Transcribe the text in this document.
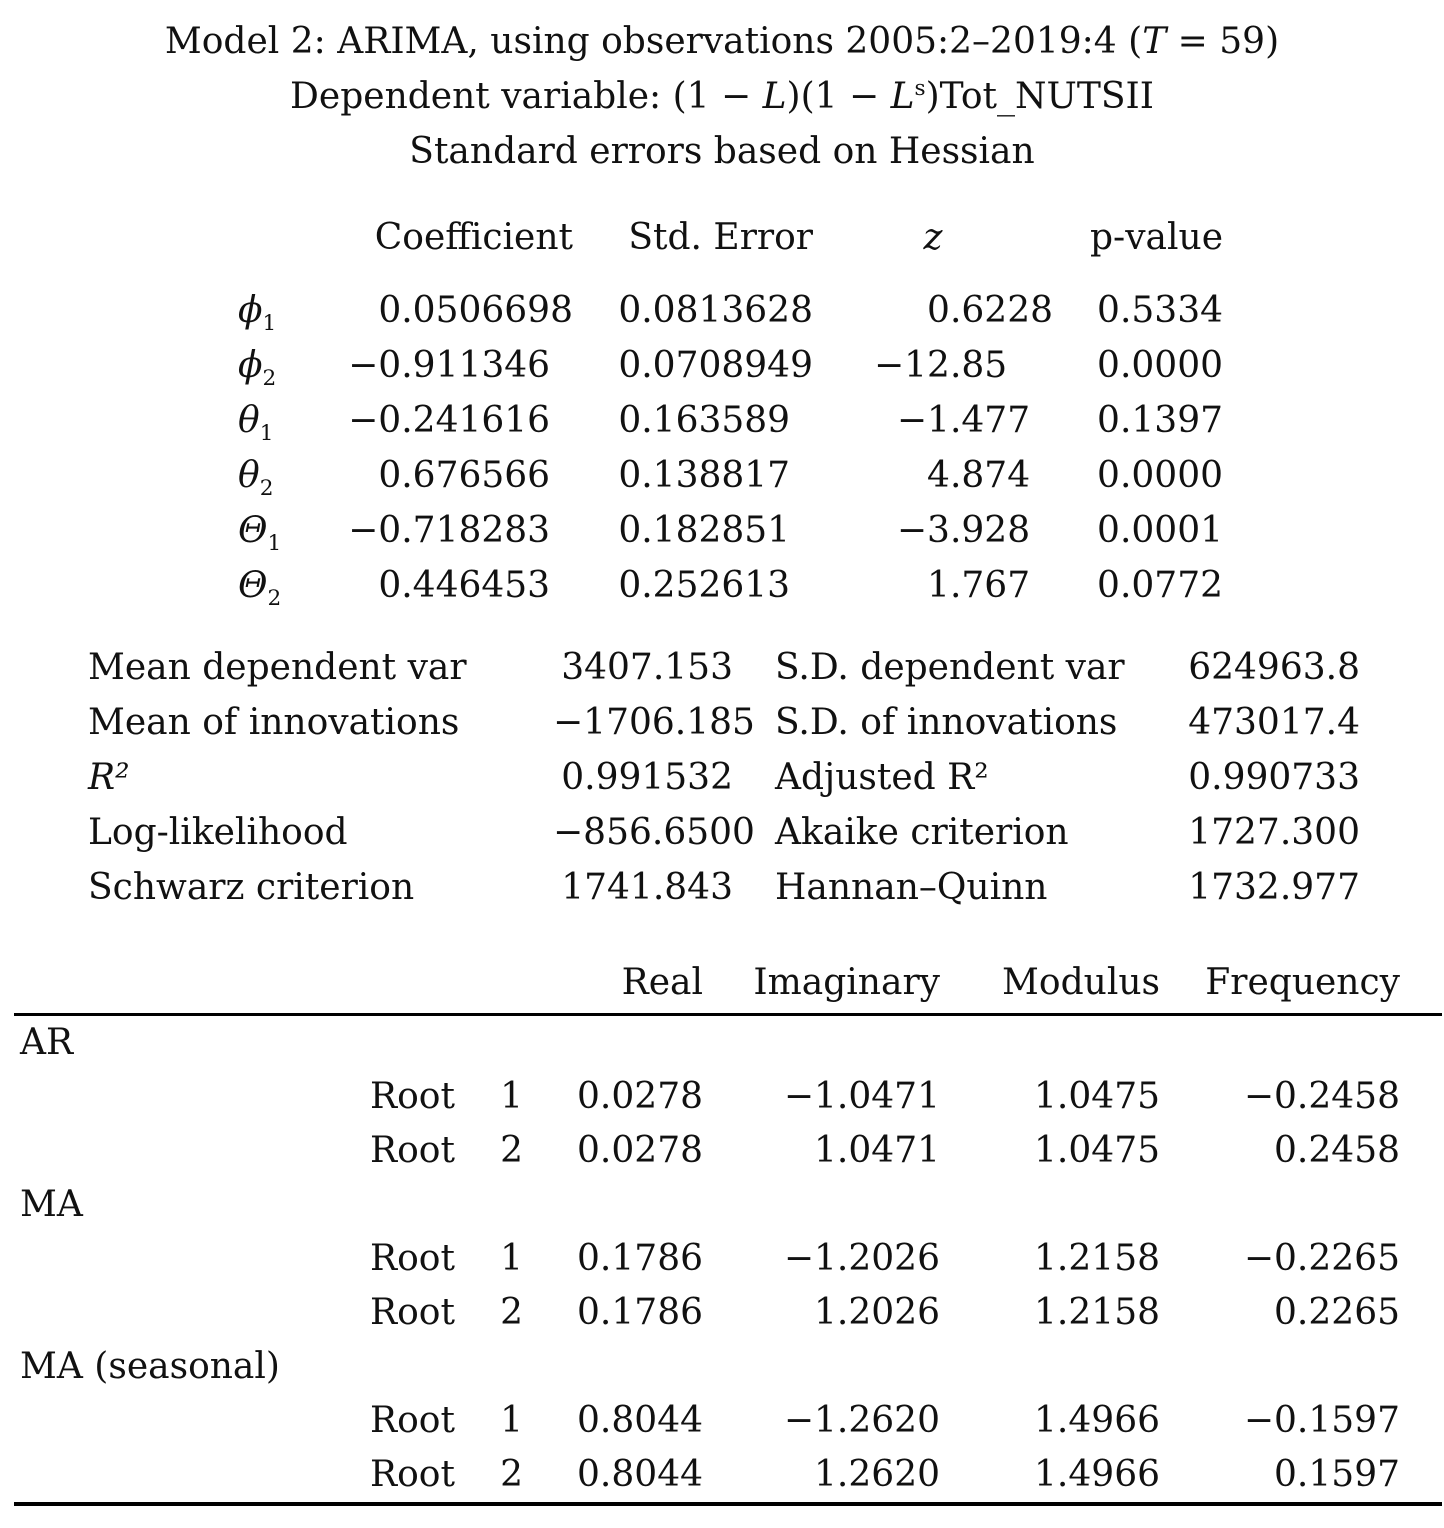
Model 2: ARIMA, using observations 2005:2–2019:4 (T = 59)
Dependent variable: $(1 - L)(1 - L^s)Tot\_NUTSII$
Standard errors based on Hessian
Coefficient	Std. Error	z	p-value
$\phi_1$	0.0506698	0.0813628	0.6228	0.5334
$\phi_2$	−0.911346	0.0708949	−12.85	0.0000
$\theta_1$	−0.241616	0.163589	−1.477	0.1397
$\theta_2$	0.676566	0.138817	4.874	0.0000
$\Theta_1$	−0.718283	0.182851	−3.928	0.0001
$\Theta_2$	0.446453	0.252613	1.767	0.0772
Mean dependent var	3407.153 S.D. dependent var	624963.8
Mean of innovations	−1706.185 S.D. of innovations	473017.4
R²	0.991532 Adjusted R²	0.990733
Log-likelihood	−856.6500 Akaike criterion	1727.300
Schwarz criterion	1741.843 Hannan–Quinn	1732.977
Real	Imaginary	Modulus	Frequency
AR
Root	1	0.0278	−1.0471	1.0475	−0.2458
Root	2	0.0278	1.0471	1.0475	0.2458
MA
Root	1	0.1786	−1.2026	1.2158	−0.2265
Root	2	0.1786	1.2026	1.2158	0.2265
MA (seasonal)
Root	1	0.8044	−1.2620	1.4966	−0.1597
Root	2	0.8044	1.2620	1.4966	0.1597
